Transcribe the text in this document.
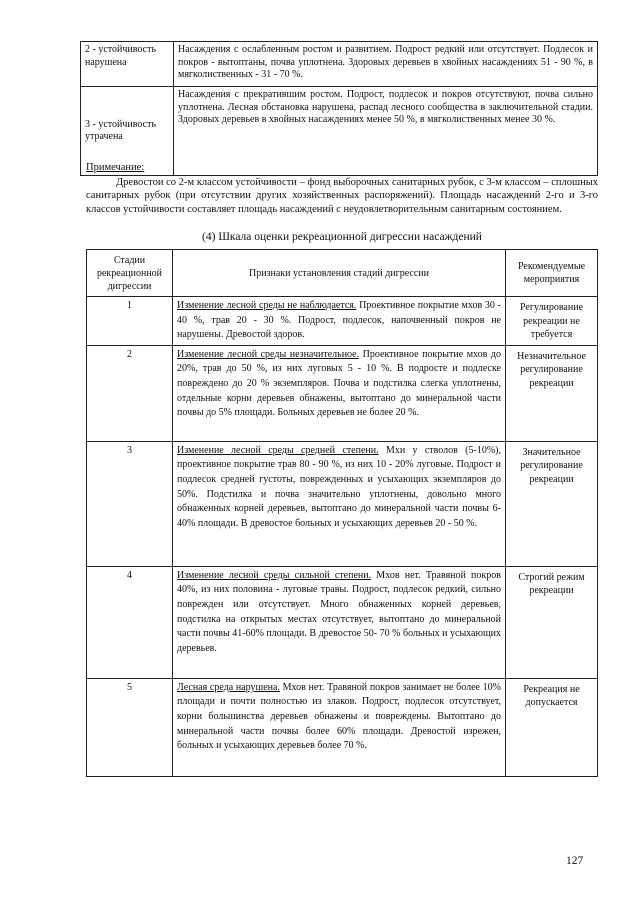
2 - устойчивость нарушена	Насаждения с ослабленным ростом и развитием. Подрост редкий или отсутствует. Подлесок и покров - вытоптаны, почва уплотнена. Здоровых деревьев в хвойных насаждениях 51 - 90 %, в мягколиственных - 31 - 70 %.
3 - устойчивость утрачена	Насаждения с прекратившим ростом. Подрост, подлесок и покров отсутствуют, почва сильно уплотнена. Лесная обстановка нарушена, распад лесного сообщества в заключительной стадии. Здоровых деревьев в хвойных насаждениях менее 50 %, в мягколиственных менее 30 %.
Примечание:
Древостои со 2-м классом устойчивости – фонд выборочных санитарных рубок, с 3-м классом – сплошных санитарных рубок (при отсутствии других хозяйственных распоряжений). Площадь насаждений 2-го и 3-го классов устойчивости составляет площадь насаждений с неудовлетворительным санитарным состоянием.
(4) Шкала оценки рекреационной дигрессии насаждений
Стадии рекреационной дигрессии	Признаки установления стадий дигрессии	Рекомендуемые мероприятия
1	Изменение лесной среды не наблюдается. Проективное покрытие мхов 30 - 40 %, трав 20 - 30 %. Подрост, подлесок, напочвенный покров не нарушены. Древостой здоров.	Регулирование рекреации не требуется
2	Изменение лесной среды незначительное. Проективное покрытие мхов до 20%, трав до 50 %, из них луговых 5 - 10 %. В подросте и подлеске повреждено до 20 % экземпляров. Почва и подстилка слегка уплотнены, отдельные корни деревьев обнажены, вытоптано до минеральной части почвы до 5% площади. Больных деревьев не более 20 %.	Незначительное регулирование рекреации
3	Изменение лесной среды средней степени. Мхи у стволов (5-10%), проективное покрытие трав 80 - 90 %, из них 10 - 20% луговые. Подрост и подлесок средней густоты, поврежденных и усыхающих экземпляров до 50%. Подстилка и почва значительно уплотнены, довольно много обнаженных корней деревьев, вытоптано до минеральной части почвы 6-40% площади. В древостое больных и усыхающих деревьев 20 - 50 %.	Значительное регулирование рекреации
4	Изменение лесной среды сильной степени. Мхов нет. Травяной покров 40%, из них половина - луговые травы. Подрост, подлесок редкий, сильно поврежден или отсутствует. Много обнаженных корней деревьев, подстилка на открытых местах отсутствует, вытоптано до минеральной части почвы 41-60% площади. В древостое 50- 70 % больных и усыхающих деревьев.	Строгий режим рекреации
5	Лесная среда нарушена. Мхов нет. Травяной покров занимает не более 10% площади и почти полностью из злаков. Подрост, подлесок отсутствует, корни большинства деревьев обнажены и повреждены. Вытоптано до минеральной части почвы более 60% площади. Древостой изрежен, больных и усыхающих деревьев более 70 %.	Рекреация не допускается
127
